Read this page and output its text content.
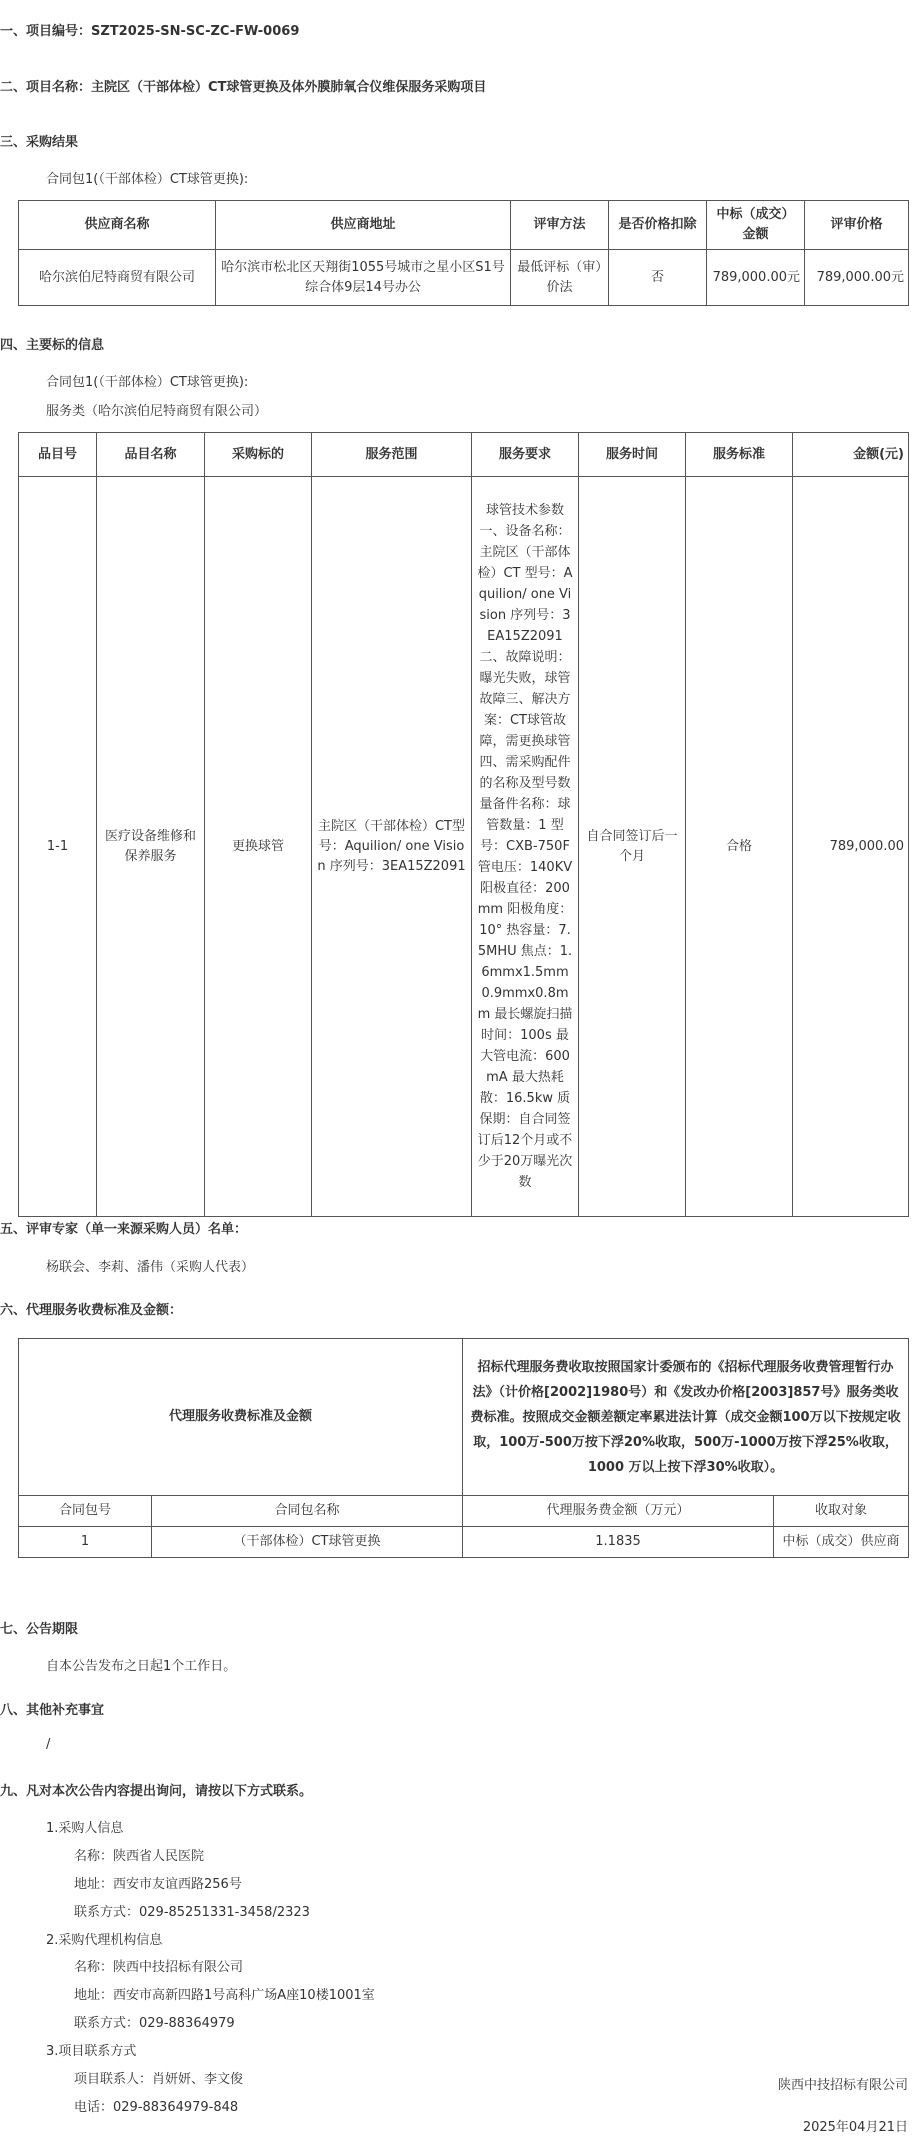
一、项目编号：SZT2025-SN-SC-ZC-FW-0069
二、项目名称：主院区（干部体检）CT球管更换及体外膜肺氧合仪维保服务采购项目
三、采购结果
合同包1(（干部体检）CT球管更换):
供应商名称	供应商地址	评审方法	是否价格扣除	中标（成交）金额	评审价格
哈尔滨伯尼特商贸有限公司	哈尔滨市松北区天翔街1055号城市之星小区S1号综合体9层14号办公	最低评标（审）价法	否	789,000.00元	789,000.00元
四、主要标的信息
合同包1(（干部体检）CT球管更换):
服务类（哈尔滨伯尼特商贸有限公司）
品目号	品目名称	采购标的	服务范围	服务要求	服务时间	服务标准	金额(元)
1-1	医疗设备维修和保养服务	更换球管	主院区（干部体检）CT型号：Aquilion/ one Vision 序列号：3EA15Z2091	球管技术参数一、设备名称：主院区（干部体检）CT 型号：Aquilion/ one Vision 序列号：3EA15Z2091 二、故障说明：曝光失败，球管故障三、解决方案：CT球管故障，需更换球管四、需采购配件的名称及型号数量备件名称：球管数量：1 型号：CXB-750F 管电压：140KV 阳极直径：200mm 阳极角度：10° 热容量：7.5MHU 焦点：1.6mmx1.5mm 0.9mmx0.8mm 最长螺旋扫描时间：100s 最大管电流：600mA 最大热耗散：16.5kw 质保期：自合同签订后12个月或不少于20万曝光次数	自合同签订后一个月	合格	789,000.00
五、评审专家（单一来源采购人员）名单：
杨联会、李莉、潘伟（采购人代表）
六、代理服务收费标准及金额：
代理服务收费标准及金额		招标代理服务费收取按照国家计委颁布的《招标代理服务收费管理暂行办法》（计价格[2002]1980号）和《发改办价格[2003]857号》服务类收费标准。按照成交金额差额定率累进法计算（成交金额100万以下按规定收取，100万-500万按下浮20%收取，500万-1000万按下浮25%收取，1000 万以上按下浮30%收取）。	
合同包号	合同包名称	代理服务费金额（万元）	收取对象
1	（干部体检）CT球管更换	1.1835	中标（成交）供应商
七、公告期限
自本公告发布之日起1个工作日。
八、其他补充事宜
/
九、凡对本次公告内容提出询问，请按以下方式联系。
1.采购人信息
名称：陕西省人民医院
地址：西安市友谊西路256号
联系方式：029-85251331-3458/2323
2.采购代理机构信息
名称：陕西中技招标有限公司
地址：西安市高新四路1号高科广场A座10楼1001室
联系方式：029-88364979
3.项目联系方式
项目联系人：肖妍妍、李文俊
电话：029-88364979-848
陕西中技招标有限公司
2025年04月21日
